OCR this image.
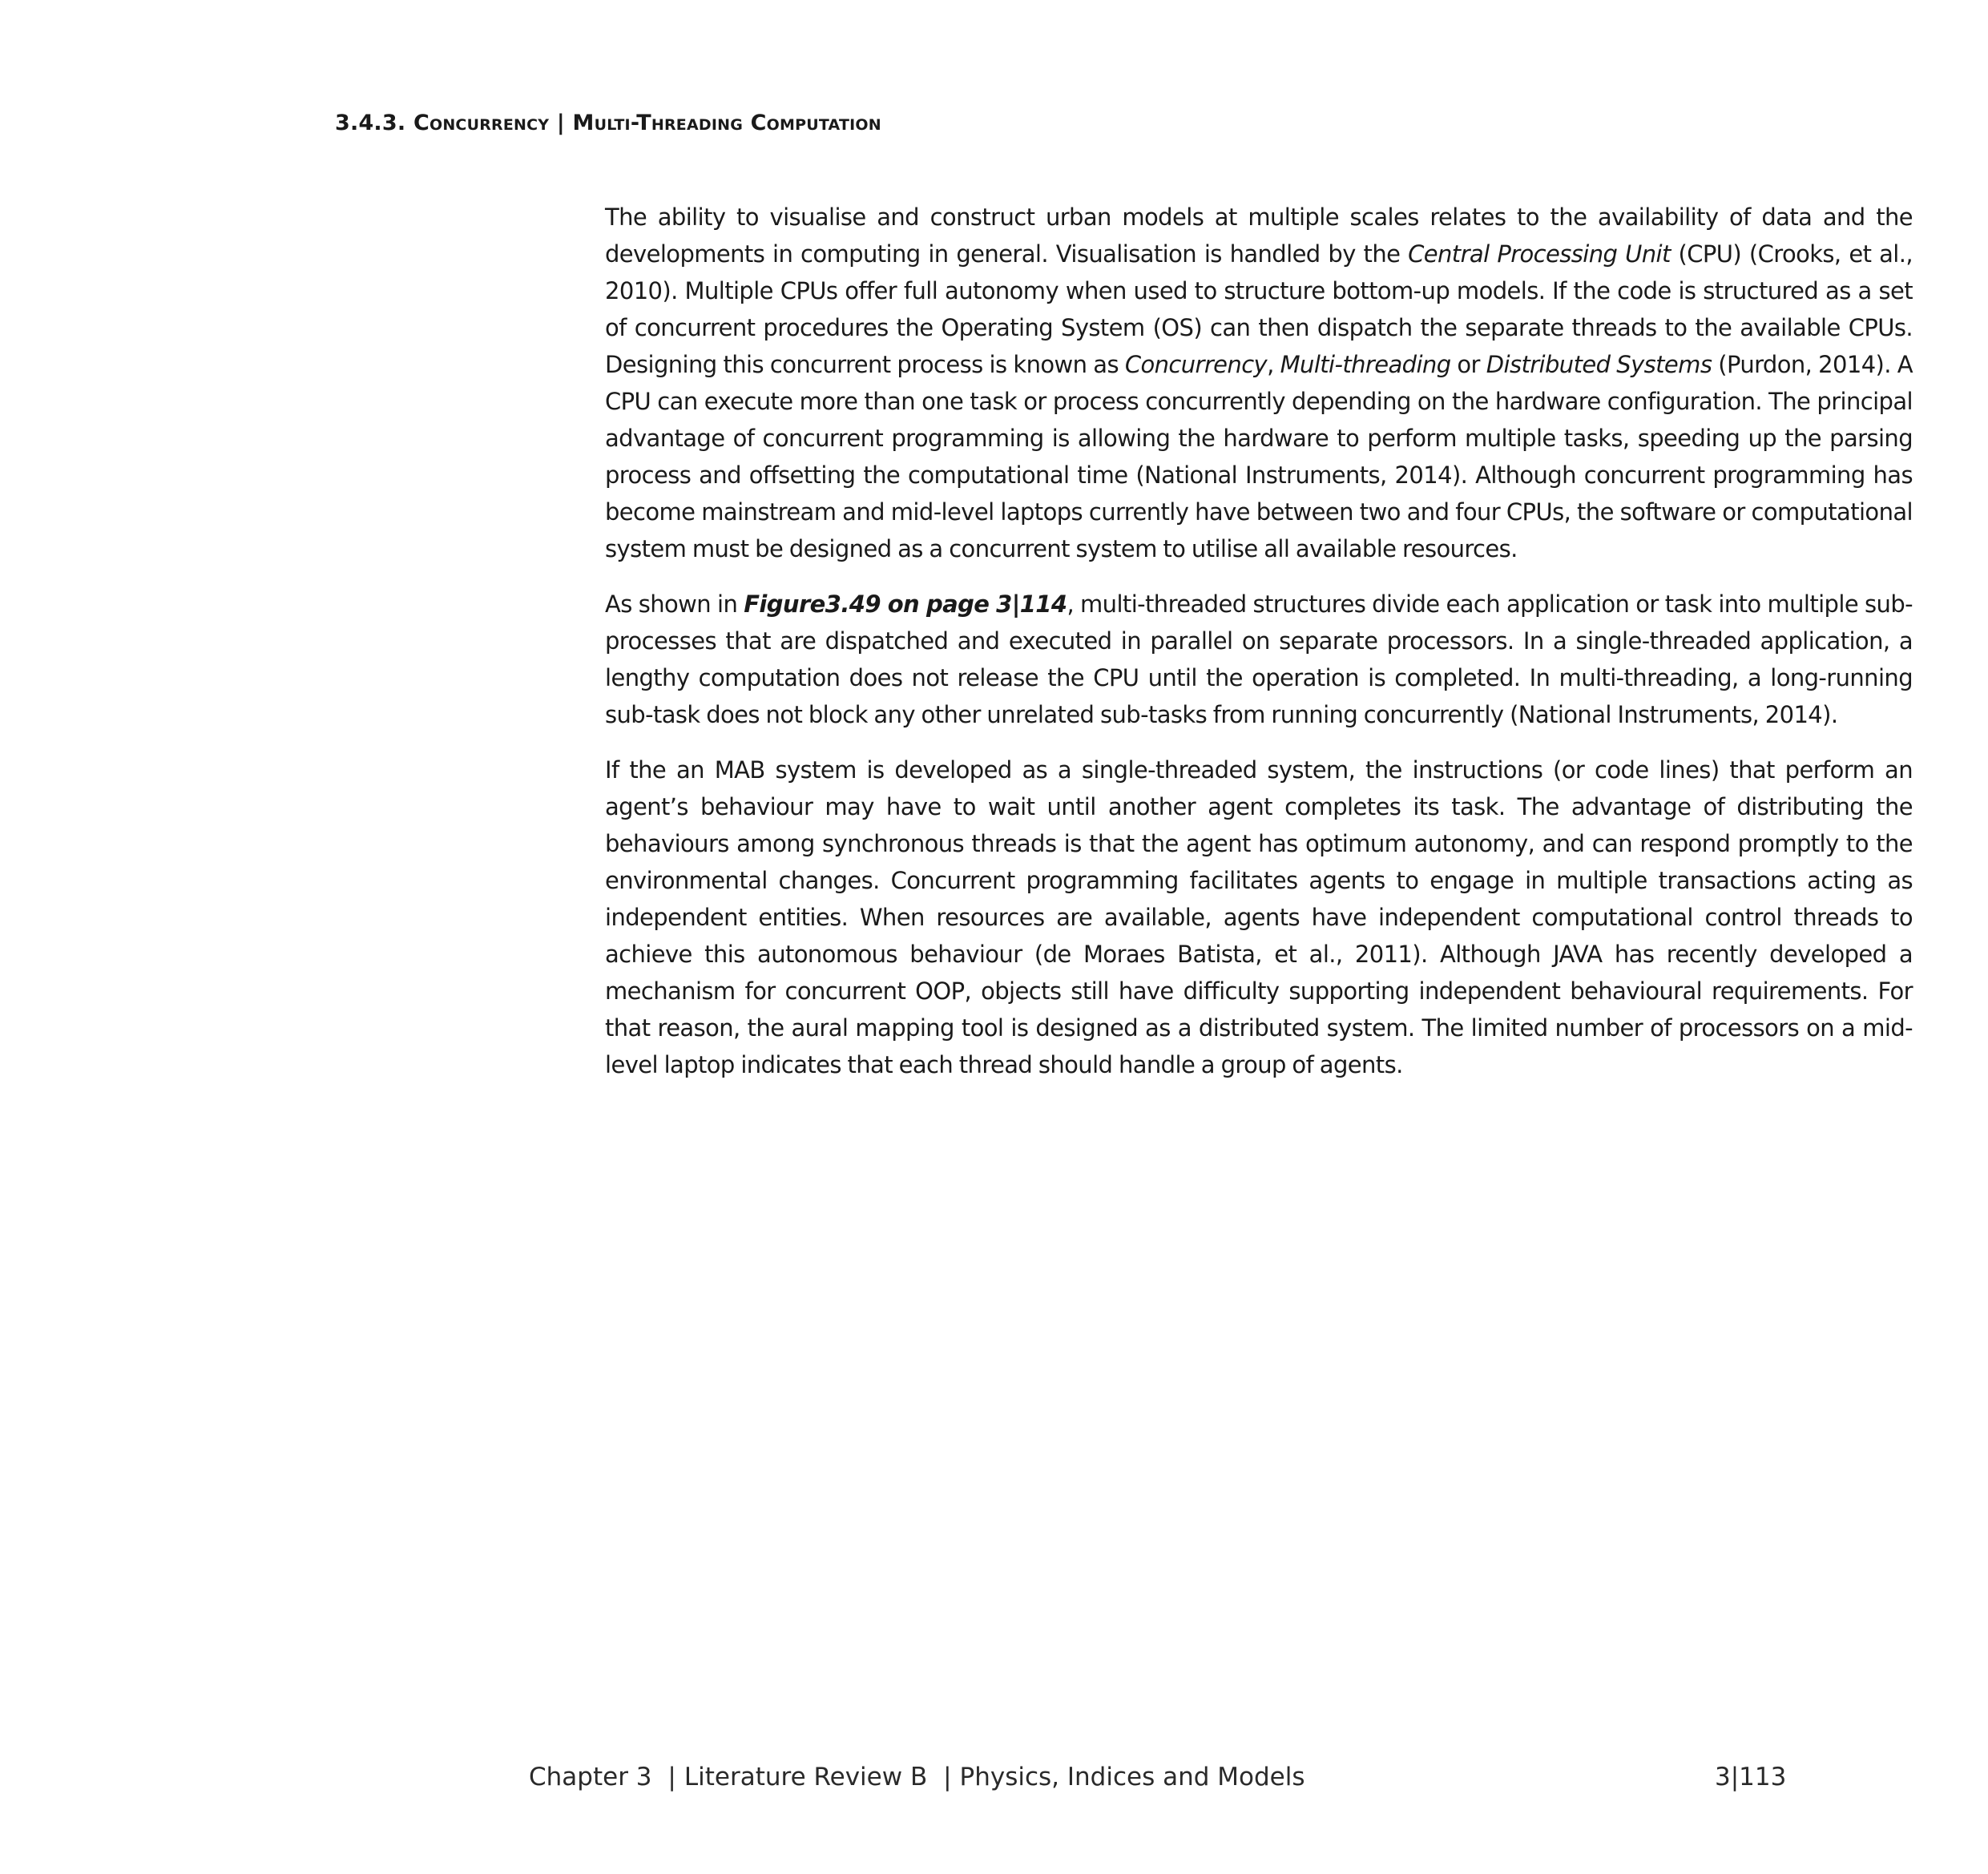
3.4.3. Concurrency | Multi-Threading Computation

The ability to visualise and construct urban models at multiple scales relates to the availability of data and the developments in computing in general. Visualisation is handled by the Central Processing Unit (CPU) (Crooks, et al., 2010). Multiple CPUs offer full autonomy when used to structure bottom-up models. If the code is structured as a set of concurrent procedures the Operating System (OS) can then dispatch the separate threads to the available CPUs. Designing this concurrent process is known as Concurrency, Multi-threading or Distributed Systems (Purdon, 2014). A CPU can execute more than one task or process concurrently depending on the hardware configuration. The principal advantage of concurrent programming is allowing the hardware to perform multiple tasks, speeding up the parsing process and offsetting the computational time (National Instruments, 2014). Although concurrent programming has become mainstream and mid-level laptops currently have between two and four CPUs, the software or computational system must be designed as a concurrent system to utilise all available resources.

As shown in Figure3.49 on page 3|114, multi-threaded structures divide each application or task into multiple sub-processes that are dispatched and executed in parallel on separate processors. In a single-threaded application, a lengthy computation does not release the CPU until the operation is completed. In multi-threading, a long-running sub-task does not block any other unrelated sub-tasks from running concurrently (National Instruments, 2014).

If the an MAB system is developed as a single-threaded system, the instructions (or code lines) that perform an agent’s behaviour may have to wait until another agent completes its task. The advantage of distributing the behaviours among synchronous threads is that the agent has optimum autonomy, and can respond promptly to the environmental changes. Concurrent programming facilitates agents to engage in multiple transactions acting as independent entities. When resources are available, agents have independent computational control threads to achieve this autonomous behaviour (de Moraes Batista, et al., 2011). Although JAVA has recently developed a mechanism for concurrent OOP, objects still have difficulty supporting independent behavioural requirements. For that reason, the aural mapping tool is designed as a distributed system. The limited number of processors on a mid-level laptop indicates that each thread should handle a group of agents.

Chapter 3 | Literature Review B | Physics, Indices and Models	3|113
